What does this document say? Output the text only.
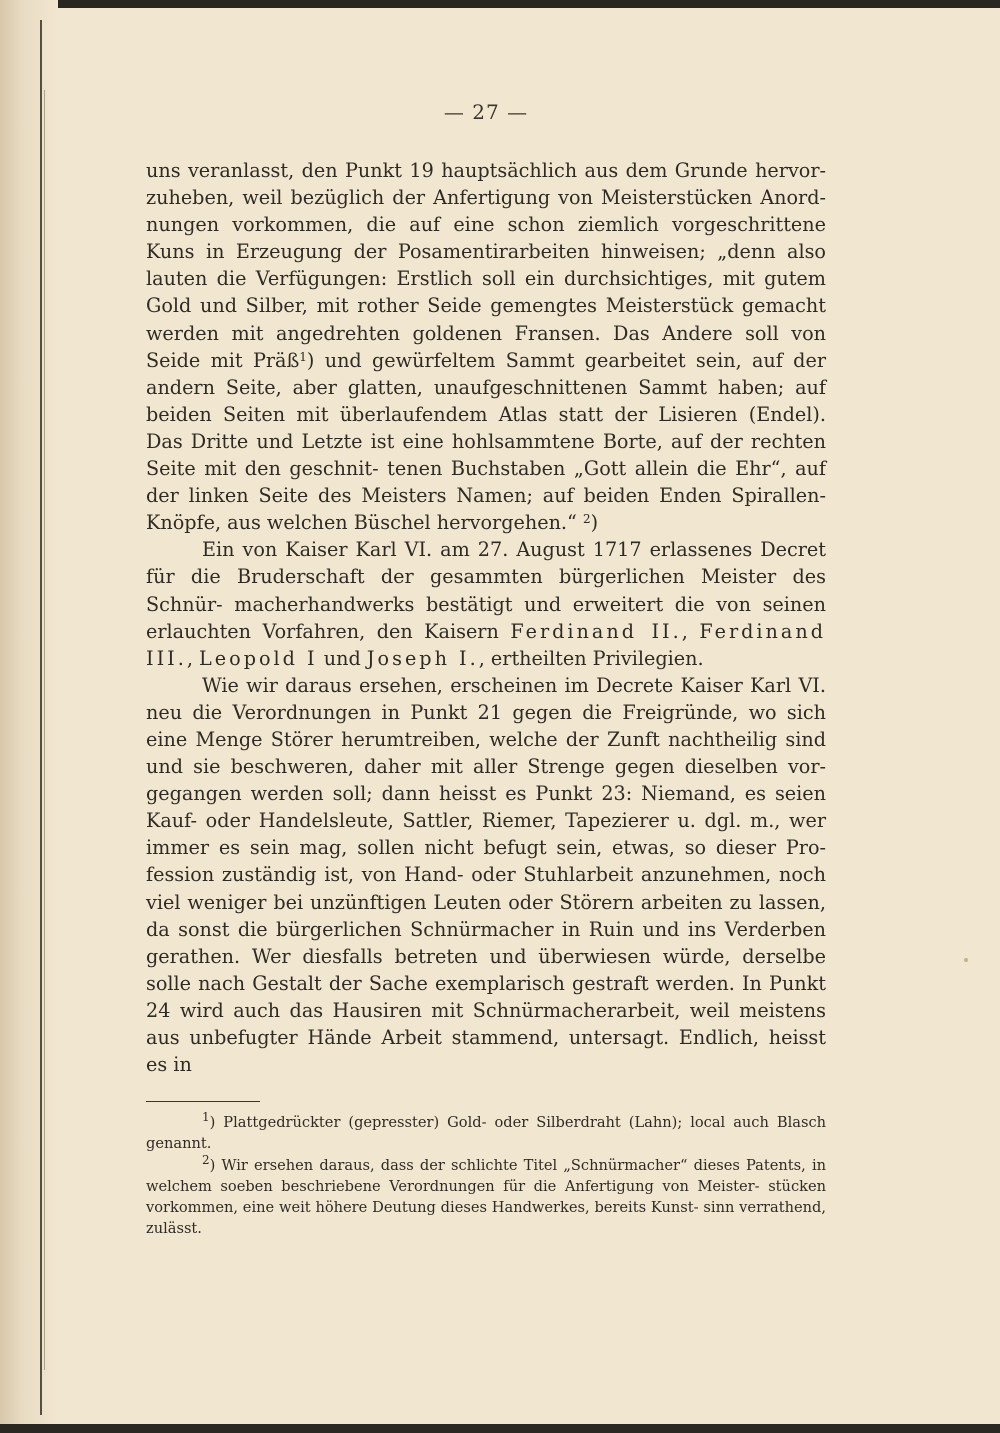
— 27 —

uns veranlasst, den Punkt 19 hauptsächlich aus dem Grunde hervor- zuheben, weil bezüglich der Anfertigung von Meisterstücken Anord- nungen vorkommen, die auf eine schon ziemlich vorgeschrittene Kuns in Erzeugung der Posamentirarbeiten hinweisen; „denn also lauten die Verfügungen: Erstlich soll ein durchsichtiges, mit gutem Gold und Silber, mit rother Seide gemengtes Meisterstück gemacht werden mit angedrehten goldenen Fransen. Das Andere soll von Seide mit Präß$^1$) und gewürfeltem Sammt gearbeitet sein, auf der andern Seite, aber glatten, unaufgeschnittenen Sammt haben; auf beiden Seiten mit überlaufendem Atlas statt der Lisieren (Endel). Das Dritte und Letzte ist eine hohlsammtene Borte, auf der rechten Seite mit den geschnit- tenen Buchstaben „Gott allein die Ehr“, auf der linken Seite des Meisters Namen; auf beiden Enden Spirallen-Knöpfe, aus welchen Büschel hervorgehen.“ $^2$)

Ein von Kaiser Karl VI. am 27. August 1717 erlassenes Decret für die Bruderschaft der gesammten bürgerlichen Meister des Schnür- macherhandwerks bestätigt und erweitert die von seinen erlauchten Vorfahren, den Kaisern Ferdinand II., Ferdinand III., Leopold I und Joseph I., ertheilten Privilegien.

Wie wir daraus ersehen, erscheinen im Decrete Kaiser Karl VI. neu die Verordnungen in Punkt 21 gegen die Freigründe, wo sich eine Menge Störer herumtreiben, welche der Zunft nachtheilig sind und sie beschweren, daher mit aller Strenge gegen dieselben vor- gegangen werden soll; dann heisst es Punkt 23: Niemand, es seien Kauf- oder Handelsleute, Sattler, Riemer, Tapezierer u. dgl. m., wer immer es sein mag, sollen nicht befugt sein, etwas, so dieser Pro- fession zuständig ist, von Hand- oder Stuhlarbeit anzunehmen, noch viel weniger bei unzünftigen Leuten oder Störern arbeiten zu lassen, da sonst die bürgerlichen Schnürmacher in Ruin und ins Verderben gerathen. Wer diesfalls betreten und überwiesen würde, derselbe solle nach Gestalt der Sache exemplarisch gestraft werden. In Punkt 24 wird auch das Hausiren mit Schnürmacherarbeit, weil meistens aus unbefugter Hände Arbeit stammend, untersagt. Endlich, heisst es in

$^1$) Plattgedrückter (gepresster) Gold- oder Silberdraht (Lahn); local auch Blasch genannt.

$^2$) Wir ersehen daraus, dass der schlichte Titel „Schnürmacher“ dieses Patents, in welchem soeben beschriebene Verordnungen für die Anfertigung von Meister- stücken vorkommen, eine weit höhere Deutung dieses Handwerkes, bereits Kunst- sinn verrathend, zulässt.
